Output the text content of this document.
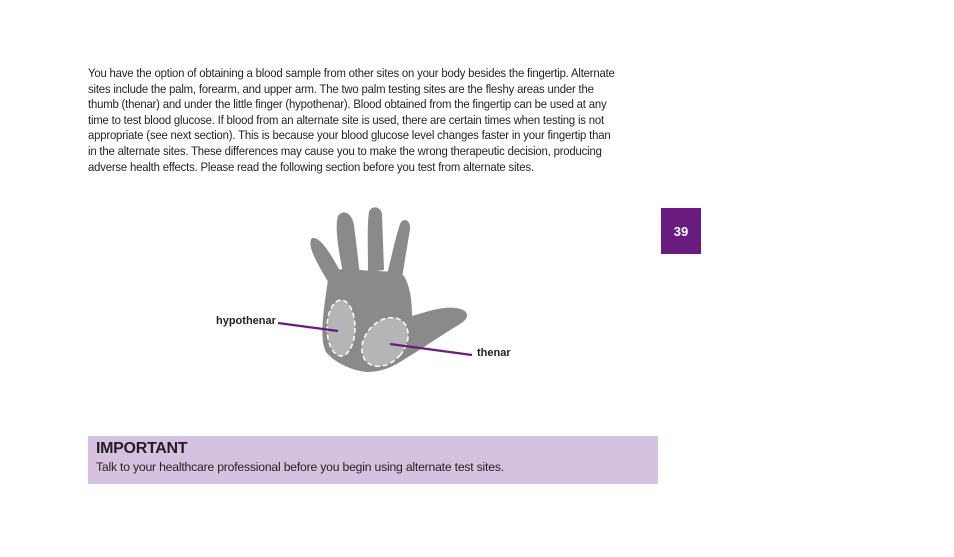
You have the option of obtaining a blood sample from other sites on your body besides the fingertip. Alternate sites include the palm, forearm, and upper arm. The two palm testing sites are the fleshy areas under the thumb (thenar) and under the little finger (hypothenar). Blood obtained from the fingertip can be used at any time to test blood glucose. If blood from an alternate site is used, there are certain times when testing is not appropriate (see next section). This is because your blood glucose level changes faster in your fingertip than in the alternate sites. These differences may cause you to make the wrong therapeutic decision, producing adverse health effects. Please read the following section before you test from alternate sites.

39
hypothenar
thenar

IMPORTANT

Talk to your healthcare professional before you begin using alternate test sites.
